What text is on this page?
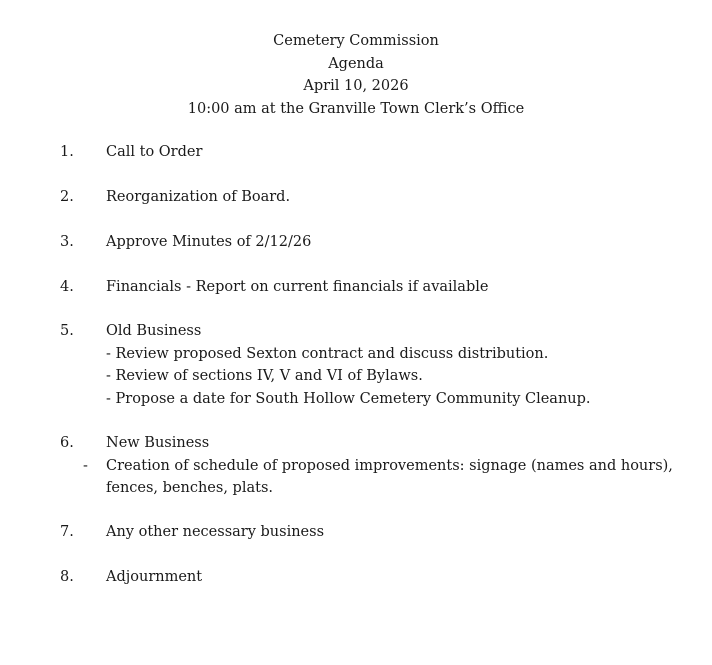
Cemetery Commission
Agenda
April 10, 2026
10:00 am at the Granville Town Clerk’s Office
1.	Call to Order
2.	Reorganization of Board.
3.	Approve Minutes of 2/12/26
4.	Financials - Report on current financials if available
5.	Old Business
- Review proposed Sexton contract and discuss distribution.
- Review of sections IV, V and VI of Bylaws.
- Propose a date for South Hollow Cemetery Community Cleanup.
6.	New Business
- Creation of schedule of proposed improvements: signage (names and hours),
fences, benches, plats.
7.	Any other necessary business
8.	Adjournment
